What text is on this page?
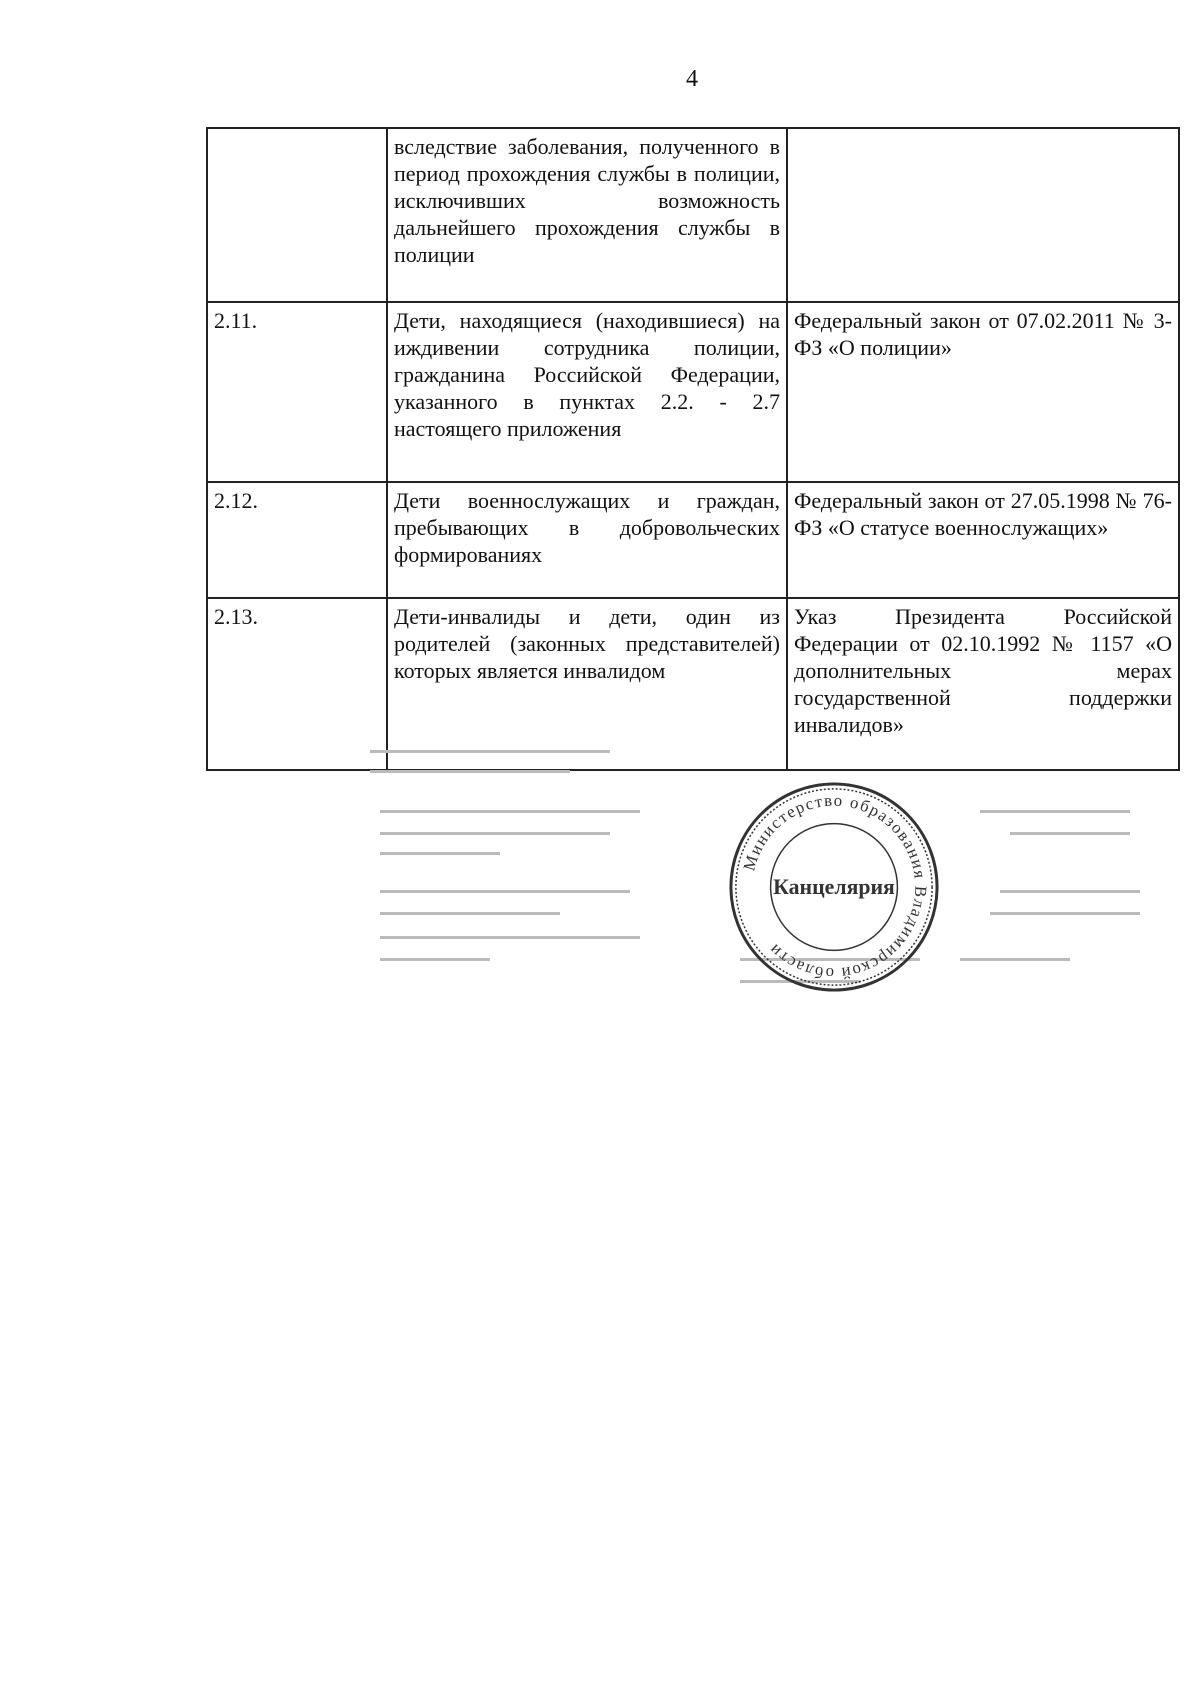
4
	вследствие заболевания, полученного в период прохождения службы в полиции, исключивших возможность дальнейшего прохождения службы в полиции	
2.11.	Дети, находящиеся (находившиеся) на иждивении сотрудника полиции, гражданина Российской Федерации, указанного в пунктах 2.2. - 2.7 настоящего приложения	Федеральный закон от 07.02.2011 № 3-ФЗ «О полиции»
2.12.	Дети военнослужащих и граждан, пребывающих в добровольческих формированиях	Федеральный закон от 27.05.1998 № 76-ФЗ «О статусе военнослужащих»
2.13.	Дети-инвалиды и дети, один из родителей (законных представителей) которых является инвалидом	Указ Президента Российской Федерации от 02.10.1992 № 1157 «О дополнительных мерах государственной поддержки инвалидов»
Министерство образования Владимирской области
Канцелярия
